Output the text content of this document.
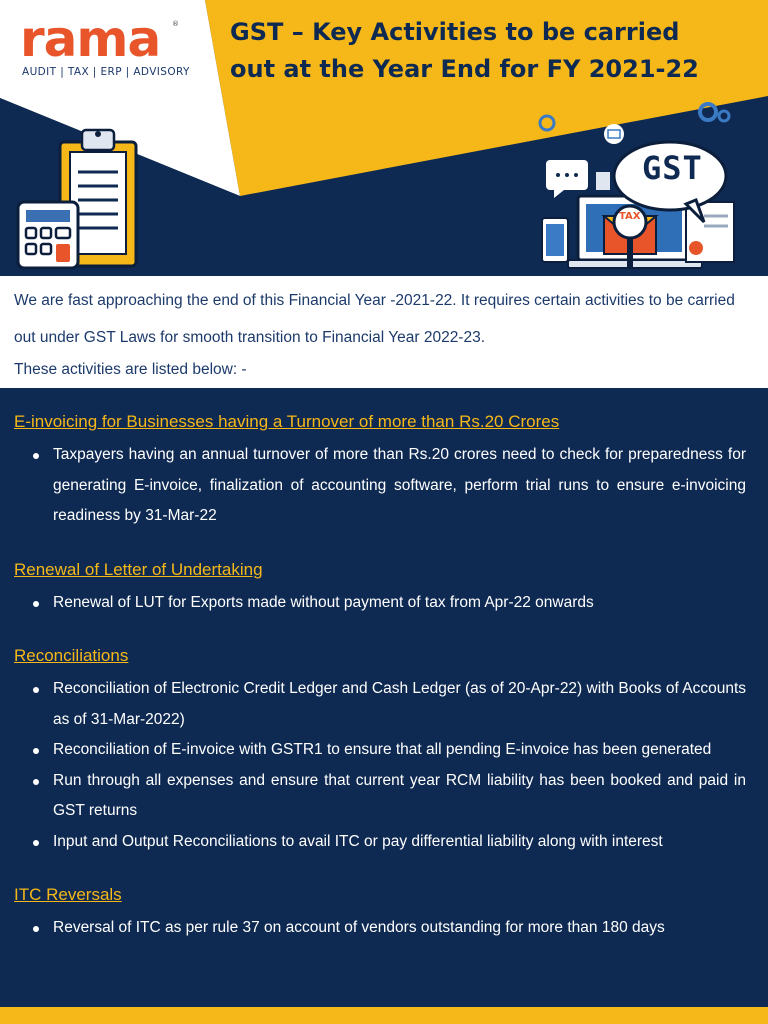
rama ®
AUDIT | TAX | ERP | ADVISORY
GST – Key Activities to be carried out at the Year End for FY 2021-22
GST
TAX

We are fast approaching the end of this Financial Year -2021-22. It requires certain activities to be carried out under GST Laws for smooth transition to Financial Year 2022-23.

These activities are listed below: -

E-invoicing for Businesses having a Turnover of more than Rs.20 Crores
Taxpayers having an annual turnover of more than Rs.20 crores need to check for preparedness for generating E-invoice, finalization of accounting software, perform trial runs to ensure e-invoicing readiness by 31-Mar-22
Renewal of Letter of Undertaking
Renewal of LUT for Exports made without payment of tax from Apr-22 onwards
Reconciliations
Reconciliation of Electronic Credit Ledger and Cash Ledger (as of 20-Apr-22) with Books of Accounts as of 31-Mar-2022)
Reconciliation of E-invoice with GSTR1 to ensure that all pending E-invoice has been generated
Run through all expenses and ensure that current year RCM liability has been booked and paid in GST returns
Input and Output Reconciliations to avail ITC or pay differential liability along with interest
ITC Reversals
Reversal of ITC as per rule 37 on account of vendors outstanding for more than 180 days
